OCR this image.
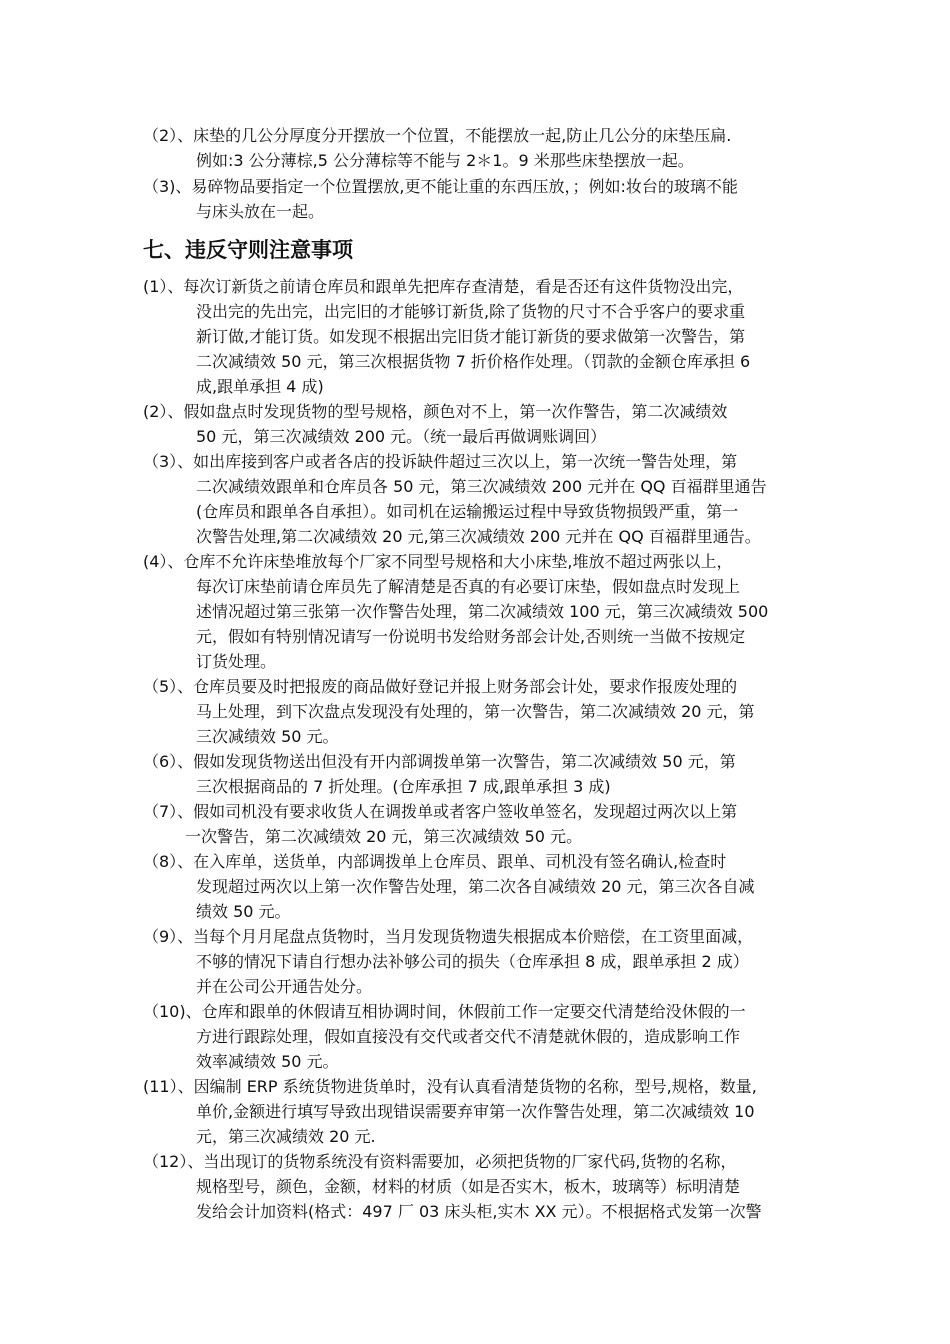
（2）、床垫的几公分厚度分开摆放一个位置，不能摆放一起,防止几公分的床垫压扁.
例如:3 公分薄棕,5 公分薄棕等不能与 2＊1。9 米那些床垫摆放一起。
（3)、易碎物品要指定一个位置摆放,更不能让重的东西压放，；例如:妆台的玻璃不能
与床头放在一起。
七、违反守则注意事项
(1）、每次订新货之前请仓库员和跟单先把库存查清楚，看是否还有这件货物没出完，
没出完的先出完，出完旧的才能够订新货,除了货物的尺寸不合乎客户的要求重
新订做,才能订货。如发现不根据出完旧货才能订新货的要求做第一次警告，第
二次减绩效 50 元，第三次根据货物 7 折价格作处理。（罚款的金额仓库承担 6
成,跟单承担 4 成)
(2）、假如盘点时发现货物的型号规格，颜色对不上，第一次作警告，第二次减绩效
50 元，第三次减绩效 200 元。（统一最后再做调账调回）
（3）、如出库接到客户或者各店的投诉缺件超过三次以上，第一次统一警告处理，第
二次减绩效跟单和仓库员各 50 元，第三次减绩效 200 元并在 QQ 百福群里通告
(仓库员和跟单各自承担）。如司机在运输搬运过程中导致货物损毁严重，第一
次警告处理,第二次减绩效 20 元,第三次减绩效 200 元并在 QQ 百福群里通告。
(4）、仓库不允许床垫堆放每个厂家不同型号规格和大小床垫,堆放不超过两张以上，
每次订床垫前请仓库员先了解清楚是否真的有必要订床垫，假如盘点时发现上
述情况超过第三张第一次作警告处理，第二次减绩效 100 元，第三次减绩效 500
元，假如有特别情况请写一份说明书发给财务部会计处,否则统一当做不按规定
订货处理。
（5）、仓库员要及时把报废的商品做好登记并报上财务部会计处，要求作报废处理的
马上处理，到下次盘点发现没有处理的，第一次警告，第二次减绩效 20 元，第
三次减绩效 50 元。
（6）、假如发现货物送出但没有开内部调拨单第一次警告，第二次减绩效 50 元，第
三次根据商品的 7 折处理。(仓库承担 7 成,跟单承担 3 成)
（7）、假如司机没有要求收货人在调拨单或者客户签收单签名，发现超过两次以上第
一次警告，第二次减绩效 20 元，第三次减绩效 50 元。
（8）、在入库单，送货单，内部调拨单上仓库员、跟单、司机没有签名确认,检查时
发现超过两次以上第一次作警告处理，第二次各自减绩效 20 元，第三次各自减
绩效 50 元。
（9）、当每个月月尾盘点货物时，当月发现货物遗失根据成本价赔偿，在工资里面减，
不够的情况下请自行想办法补够公司的损失（仓库承担 8 成，跟单承担 2 成）
并在公司公开通告处分。
（10)、仓库和跟单的休假请互相协调时间，休假前工作一定要交代清楚给没休假的一
方进行跟踪处理，假如直接没有交代或者交代不清楚就休假的，造成影响工作
效率减绩效 50 元。
(11）、因编制 ERP 系统货物进货单时，没有认真看清楚货物的名称，型号,规格，数量,
单价,金额进行填写导致出现错误需要弃审第一次作警告处理，第二次减绩效 10
元，第三次减绩效 20 元.
（12）、当出现订的货物系统没有资料需要加，必须把货物的厂家代码,货物的名称，
规格型号，颜色，金额，材料的材质（如是否实木，板木，玻璃等）标明清楚
发给会计加资料(格式：497 厂 03 床头柜,实木 XX 元）。不根据格式发第一次警
